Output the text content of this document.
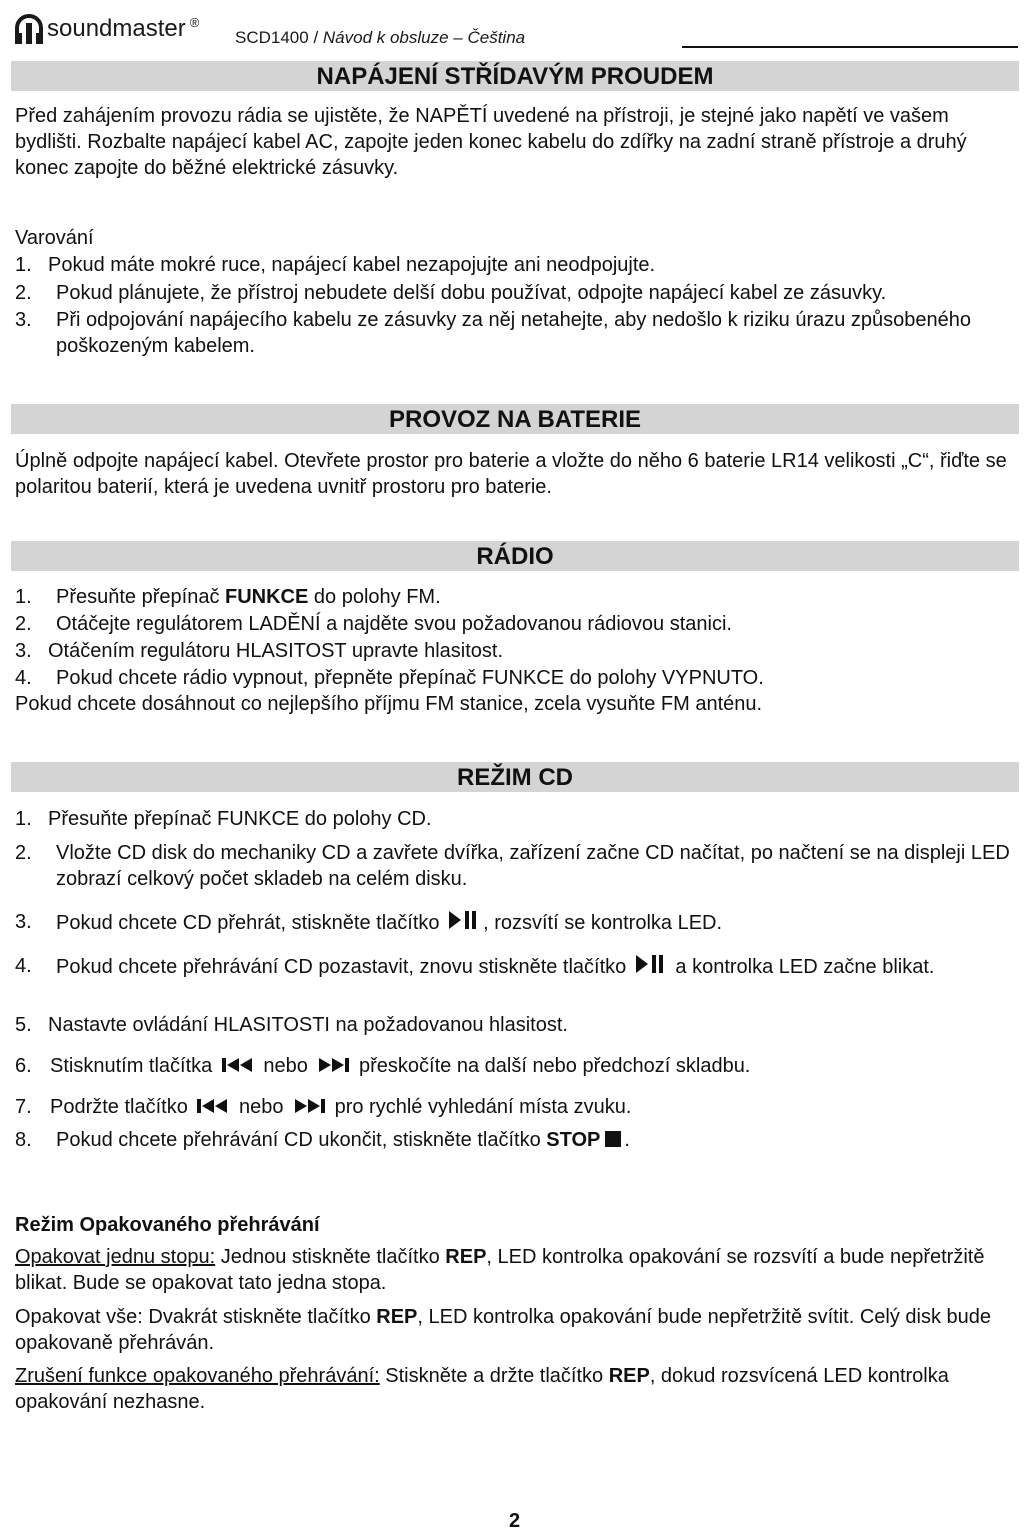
soundmaster ®
SCD1400 / Návod k obsluze – Čeština
NAPÁJENÍ STŘÍDAVÝM PROUDEM

Před zahájením provozu rádia se ujistěte, že NAPĚTÍ uvedené na přístroji, je stejné jako napětí ve vašem bydlišti. Rozbalte napájecí kabel AC, zapojte jeden konec kabelu do zdířky na zadní straně přístroje a druhý konec zapojte do běžné elektrické zásuvky.

Varování
1. Pokud máte mokré ruce, napájecí kabel nezapojujte ani neodpojujte.
2. Pokud plánujete, že přístroj nebudete delší dobu používat, odpojte napájecí kabel ze zásuvky.
3. Při odpojování napájecího kabelu ze zásuvky za něj netahejte, aby nedošlo k riziku úrazu způsobeného poškozeným kabelem.
PROVOZ NA BATERIE

Úplně odpojte napájecí kabel. Otevřete prostor pro baterie a vložte do něho 6 baterie LR14 velikosti „C“, řiďte se polaritou baterií, která je uvedena uvnitř prostoru pro baterie.

RÁDIO
1. Přesuňte přepínač FUNKCE do polohy FM.
2. Otáčejte regulátorem LADĚNÍ a najděte svou požadovanou rádiovou stanici.
3. Otáčením regulátoru HLASITOST upravte hlasitost.
4. Pokud chcete rádio vypnout, přepněte přepínač FUNKCE do polohy VYPNUTO.
Pokud chcete dosáhnout co nejlepšího příjmu FM stanice, zcela vysuňte FM anténu.
REŽIM CD
1. Přesuňte přepínač FUNKCE do polohy CD.
2. Vložte CD disk do mechaniky CD a zavřete dvířka, zařízení začne CD načítat, po načtení se na displeji LED zobrazí celkový počet skladeb na celém disku.
3. Pokud chcete CD přehrát, stiskněte tlačítko
, rozsvítí se kontrolka LED.
4. Pokud chcete přehrávání CD pozastavit, znovu stiskněte tlačítko
a kontrolka LED začne blikat.
5. Nastavte ovládání HLASITOSTI na požadovanou hlasitost.
6. Stisknutím tlačítka
nebo
přeskočíte na další nebo předchozí skladbu.
7. Podržte tlačítko
nebo
pro rychlé vyhledání místa zvuku.
8. Pokud chcete přehrávání CD ukončit, stiskněte tlačítko STOP .
Režim Opakovaného přehrávání

Opakovat jednu stopu: Jednou stiskněte tlačítko REP, LED kontrolka opakování se rozsvítí a bude nepřetržitě blikat. Bude se opakovat tato jedna stopa.

Opakovat vše: Dvakrát stiskněte tlačítko REP, LED kontrolka opakování bude nepřetržitě svítit. Celý disk bude opakovaně přehráván.

Zrušení funkce opakovaného přehrávání: Stiskněte a držte tlačítko REP, dokud rozsvícená LED kontrolka opakování nezhasne.

2
